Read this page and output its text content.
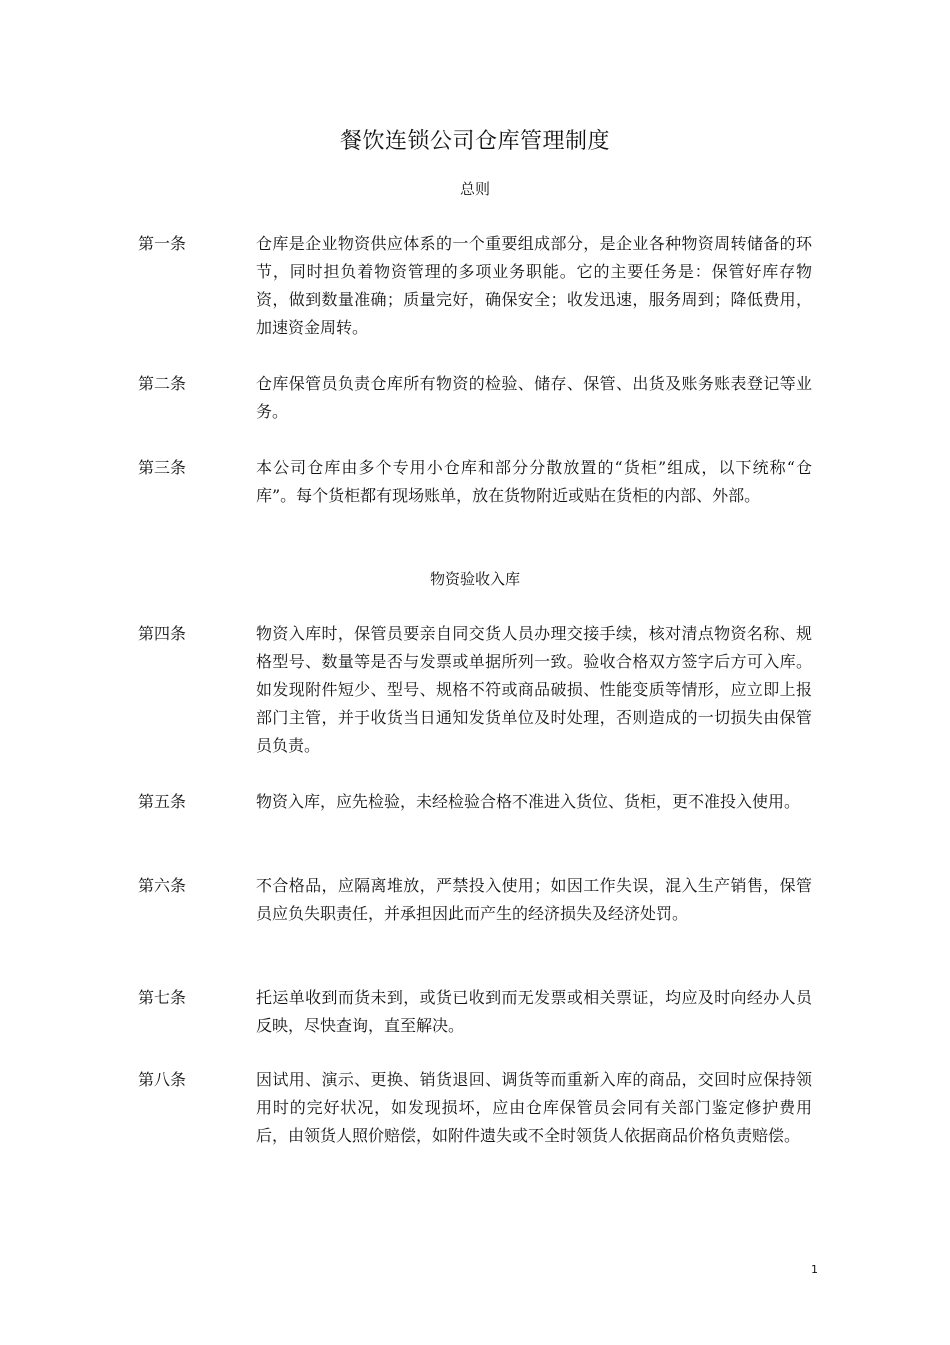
餐饮连锁公司仓库管理制度
总则
第一条	仓库是企业物资供应体系的一个重要组成部分，是企业各种物资周转储备的环节，同时担负着物资管理的多项业务职能。它的主要任务是：保管好库存物资，做到数量准确；质量完好，确保安全；收发迅速，服务周到；降低费用，加速资金周转。
第二条	仓库保管员负责仓库所有物资的检验、储存、保管、出货及账务账表登记等业务。
第三条	本公司仓库由多个专用小仓库和部分分散放置的“货柜”组成，以下统称“仓库”。每个货柜都有现场账单，放在货物附近或贴在货柜的内部、外部。
物资验收入库
第四条	物资入库时，保管员要亲自同交货人员办理交接手续，核对清点物资名称、规格型号、数量等是否与发票或单据所列一致。验收合格双方签字后方可入库。如发现附件短少、型号、规格不符或商品破损、性能变质等情形，应立即上报部门主管，并于收货当日通知发货单位及时处理，否则造成的一切损失由保管员负责。
第五条	物资入库，应先检验，未经检验合格不准进入货位、货柜，更不准投入使用。
第六条	不合格品，应隔离堆放，严禁投入使用；如因工作失误，混入生产销售，保管员应负失职责任，并承担因此而产生的经济损失及经济处罚。
第七条	托运单收到而货未到，或货已收到而无发票或相关票证，均应及时向经办人员反映，尽快查询，直至解决。
第八条	因试用、演示、更换、销货退回、调货等而重新入库的商品，交回时应保持领用时的完好状况，如发现损坏，应由仓库保管员会同有关部门鉴定修护费用后，由领货人照价赔偿，如附件遗失或不全时领货人依据商品价格负责赔偿。
1
